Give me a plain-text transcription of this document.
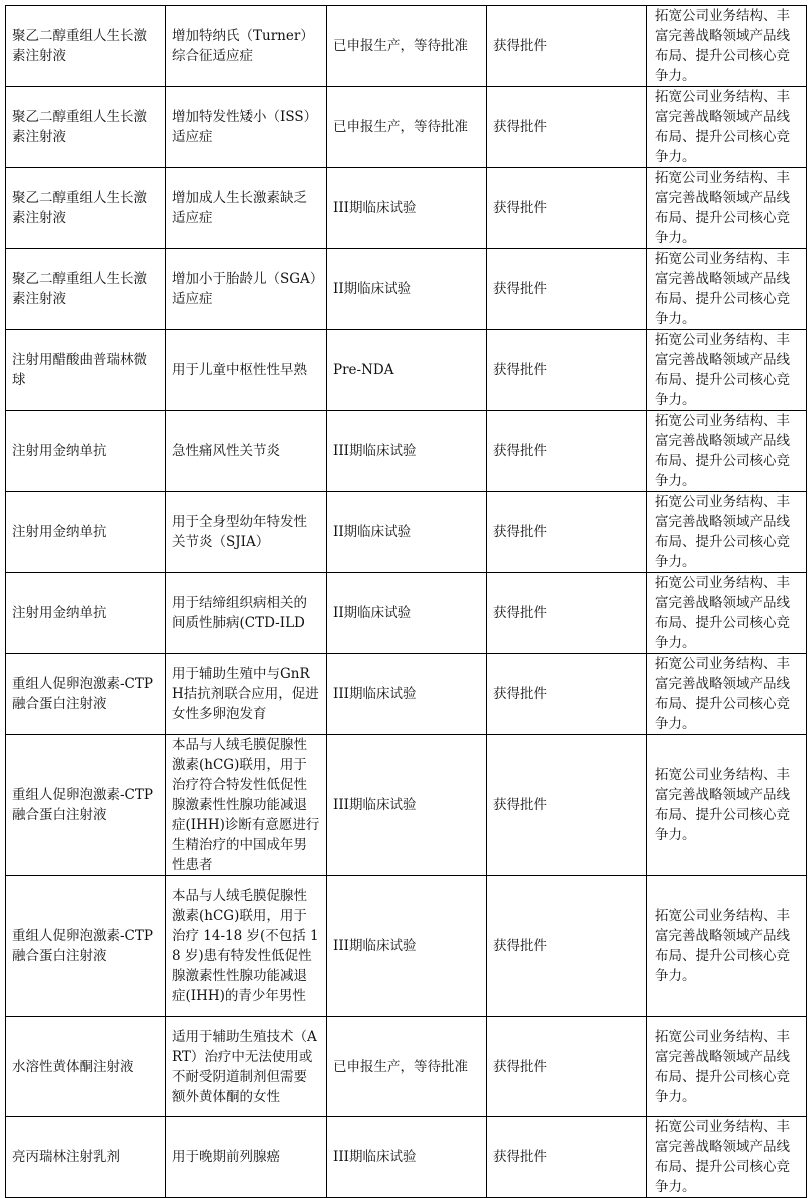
聚乙二醇重组人生长激素注射液	增加特纳氏（Turner）综合征适应症	已申报生产，等待批准	获得批件	拓宽公司业务结构、丰富完善战略领域产品线布局、提升公司核心竞争力。
聚乙二醇重组人生长激素注射液	增加特发性矮小（ISS）适应症	已申报生产，等待批准	获得批件	拓宽公司业务结构、丰富完善战略领域产品线布局、提升公司核心竞争力。
聚乙二醇重组人生长激素注射液	增加成人生长激素缺乏适应症	III期临床试验	获得批件	拓宽公司业务结构、丰富完善战略领域产品线布局、提升公司核心竞争力。
聚乙二醇重组人生长激素注射液	增加小于胎龄儿（SGA）适应症	II期临床试验	获得批件	拓宽公司业务结构、丰富完善战略领域产品线布局、提升公司核心竞争力。
注射用醋酸曲普瑞林微球	用于儿童中枢性性早熟	Pre-NDA	获得批件	拓宽公司业务结构、丰富完善战略领域产品线布局、提升公司核心竞争力。
注射用金纳单抗	急性痛风性关节炎	III期临床试验	获得批件	拓宽公司业务结构、丰富完善战略领域产品线布局、提升公司核心竞争力。
注射用金纳单抗	用于全身型幼年特发性关节炎（SJIA）	II期临床试验	获得批件	拓宽公司业务结构、丰富完善战略领域产品线布局、提升公司核心竞争力。
注射用金纳单抗	用于结缔组织病相关的间质性肺病(CTD-ILD	II期临床试验	获得批件	拓宽公司业务结构、丰富完善战略领域产品线布局、提升公司核心竞争力。
重组人促卵泡激素-CTP融合蛋白注射液	用于辅助生殖中与GnRH拮抗剂联合应用，促进女性多卵泡发育	III期临床试验	获得批件	拓宽公司业务结构、丰富完善战略领域产品线布局、提升公司核心竞争力。
重组人促卵泡激素-CTP融合蛋白注射液	本品与人绒毛膜促腺性激素(hCG)联用，用于治疗符合特发性低促性腺激素性性腺功能减退症(IHH)诊断有意愿进行生精治疗的中国成年男性患者	III期临床试验	获得批件	拓宽公司业务结构、丰富完善战略领域产品线布局、提升公司核心竞争力。
重组人促卵泡激素-CTP融合蛋白注射液	本品与人绒毛膜促腺性激素(hCG)联用，用于治疗 14-18 岁(不包括 18 岁)患有特发性低促性腺激素性性腺功能减退症(IHH)的青少年男性	III期临床试验	获得批件	拓宽公司业务结构、丰富完善战略领域产品线布局、提升公司核心竞争力。
水溶性黄体酮注射液	适用于辅助生殖技术（ART）治疗中无法使用或不耐受阴道制剂但需要额外黄体酮的女性	已申报生产，等待批准	获得批件	拓宽公司业务结构、丰富完善战略领域产品线布局、提升公司核心竞争力。
亮丙瑞林注射乳剂	用于晚期前列腺癌	III期临床试验	获得批件	拓宽公司业务结构、丰富完善战略领域产品线布局、提升公司核心竞争力。
